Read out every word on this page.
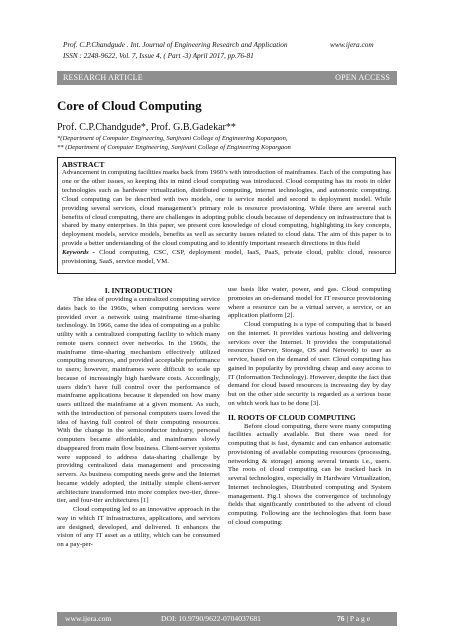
Prof. C.P.Chandgude . Int. Journal of Engineering Research and Application	www.ijera.com
ISSN : 2248-9622, Vol. 7, Issue 4, ( Part -3) April 2017, pp.76-81
RESEARCH ARTICLE	OPEN ACCESS
Core of Cloud Computing
Prof. C.P.Chandgude*, Prof. G.B.Gadekar**
*(Department of Computer Engineering, Sanjivani College of Engineering Kopargaon,
** (Department of Computer Engineering, Sanjivani College of Engineering Kopargaon
ABSTRACT

Advancement in computing facilities marks back from 1960’s with introduction of mainframes. Each of the computing has one or the other issues, so keeping this in mind cloud computing was introduced. Cloud computing has its roots in older technologies such as hardware virtualization, distributed computing, internet technologies, and autonomic computing. Cloud computing can be described with two models, one is service model and second is deployment model. While providing several services, cloud management’s primary role is resource provisioning. While there are several such benefits of cloud computing, there are challenges in adopting public clouds because of dependency on infrastructure that is shared by many enterprises. In this paper, we present core knowledge of cloud computing, highlighting its key concepts, deployment models, service models, benefits as well as security issues related to cloud data. The aim of this paper is to provide a better understanding of the cloud computing and to identify important research directions in this field

Keywords - Cloud computing, CSC, CSP, deployment model, IaaS, PaaS, private cloud, public cloud, resource provisioning, SaaS, service model, VM.

I. INTRODUCTION

The idea of providing a centralized computing service dates back to the 1960s, when computing services were provided over a network using mainframe time-sharing technology. In 1966, came the idea of computing as a public utility with a centralized computing facility to which many remote users connect over networks. In the 1960s, the mainframe time-sharing mechanism effectively utilized computing resources, and provided acceptable performance to users; however, mainframes were difficult to scale up because of increasingly high hardware costs. Accordingly, users didn’t have full control over the performance of mainframe applications because it depended on how many users utilized the mainframe at a given moment. As such, with the introduction of personal computers users loved the idea of having full control of their computing resources. With the change in the semiconductor industry, personal computers became affordable, and mainframes slowly disappeared from main flow business. Client-server systems were supposed to address data-sharing challenge by providing centralized data management and processing servers. As business computing needs grew and the Internet became widely adopted, the initially simple client-server architecture transformed into more complex two-tier, three-tier, and four-tier architectures [1]

Cloud computing led to an innovative approach in the way in which IT infrastructures, applications, and services are designed, developed, and delivered. It enhances the vision of any IT asset as a utility, which can be consumed on a pay-per-

use basis like water, power, and gas. Cloud computing promotes an on-demand model for IT resource provisioning where a resource can be a virtual server, a service, or an application platform [2].

Cloud computing is a type of computing that is based on the internet. It provides various hosting and delivering services over the Internet. It provides the computational resources (Server, Storage, OS and Network) to user as service, based on the demand of user. Cloud computing has gained in popularity by providing cheap and easy access to IT (Information Technology). However, despite the fact that demand for cloud based resources is increasing day by day but on the other side security is regarded as a serious issue on which work has to be done [3].

II. ROOTS OF CLOUD COMPUTING

Before cloud computing, there were many computing facilities actually available. But there was need for computing that is fast, dynamic and can enhance automatic provisioning of available computing resources (processing, networking & storage) among several tenants i.e., users. The roots of cloud computing can be tracked back in several technologies, especially in Hardware Virtualization, Internet technologies, Distributed computing and System management. Fig.1 shows the convergence of technology fields that significantly contributed to the advent of cloud computing. Following are the technologies that form base of cloud computing:

www.ijera.com	DOI: 10.9790/9622-0704037681	76 | P a g e
